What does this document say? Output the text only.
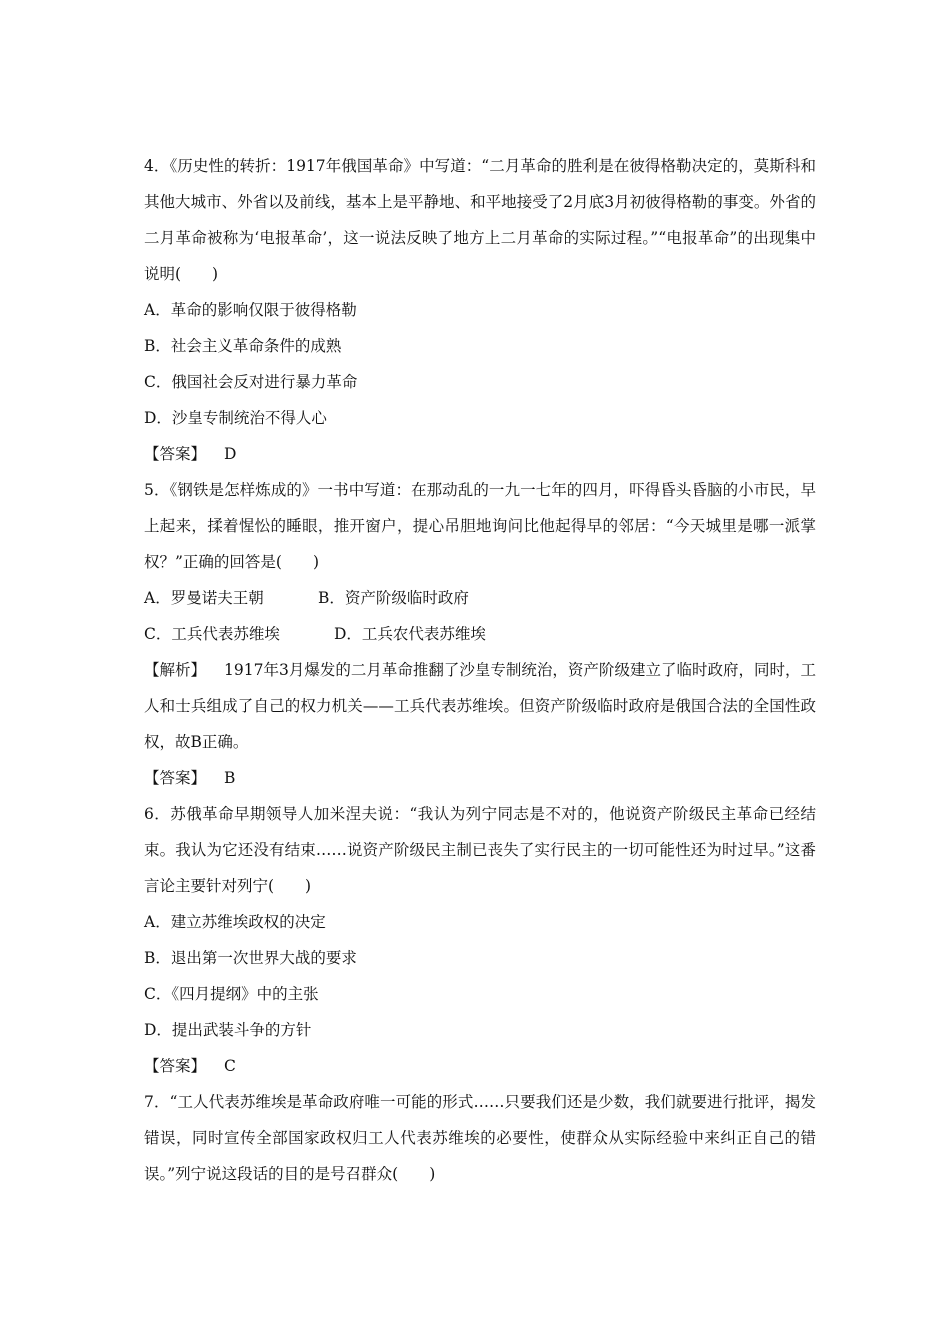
4．《历史性的转折：1917年俄国革命》中写道：“二月革命的胜利是在彼得格勒决定的，莫斯科和其他大城市、外省以及前线，基本上是平静地、和平地接受了2月底3月初彼得格勒的事变。外省的二月革命被称为‘电报革命’，这一说法反映了地方上二月革命的实际过程。”“电报革命”的出现集中说明(　　)

A．革命的影响仅限于彼得格勒

B．社会主义革命条件的成熟

C．俄国社会反对进行暴力革命

D．沙皇专制统治不得人心

【答案】 D

5．《钢铁是怎样炼成的》一书中写道：在那动乱的一九一七年的四月，吓得昏头昏脑的小市民，早上起来，揉着惺忪的睡眼，推开窗户，提心吊胆地询问比他起得早的邻居：“今天城里是哪一派掌权？”正确的回答是(　　)

A．罗曼诺夫王朝	B．资产阶级临时政府

C．工兵代表苏维埃	D．工兵农代表苏维埃

【解析】 1917年3月爆发的二月革命推翻了沙皇专制统治，资产阶级建立了临时政府，同时，工人和士兵组成了自己的权力机关——工兵代表苏维埃。但资产阶级临时政府是俄国合法的全国性政权，故B正确。

【答案】 B

6．苏俄革命早期领导人加米涅夫说：“我认为列宁同志是不对的，他说资产阶级民主革命已经结束。我认为它还没有结束……说资产阶级民主制已丧失了实行民主的一切可能性还为时过早。”这番言论主要针对列宁(　　)

A．建立苏维埃政权的决定

B．退出第一次世界大战的要求

C．《四月提纲》中的主张

D．提出武装斗争的方针

【答案】 C

7．“工人代表苏维埃是革命政府唯一可能的形式……只要我们还是少数，我们就要进行批评，揭发错误，同时宣传全部国家政权归工人代表苏维埃的必要性，使群众从实际经验中来纠正自己的错误。”列宁说这段话的目的是号召群众(　　)
